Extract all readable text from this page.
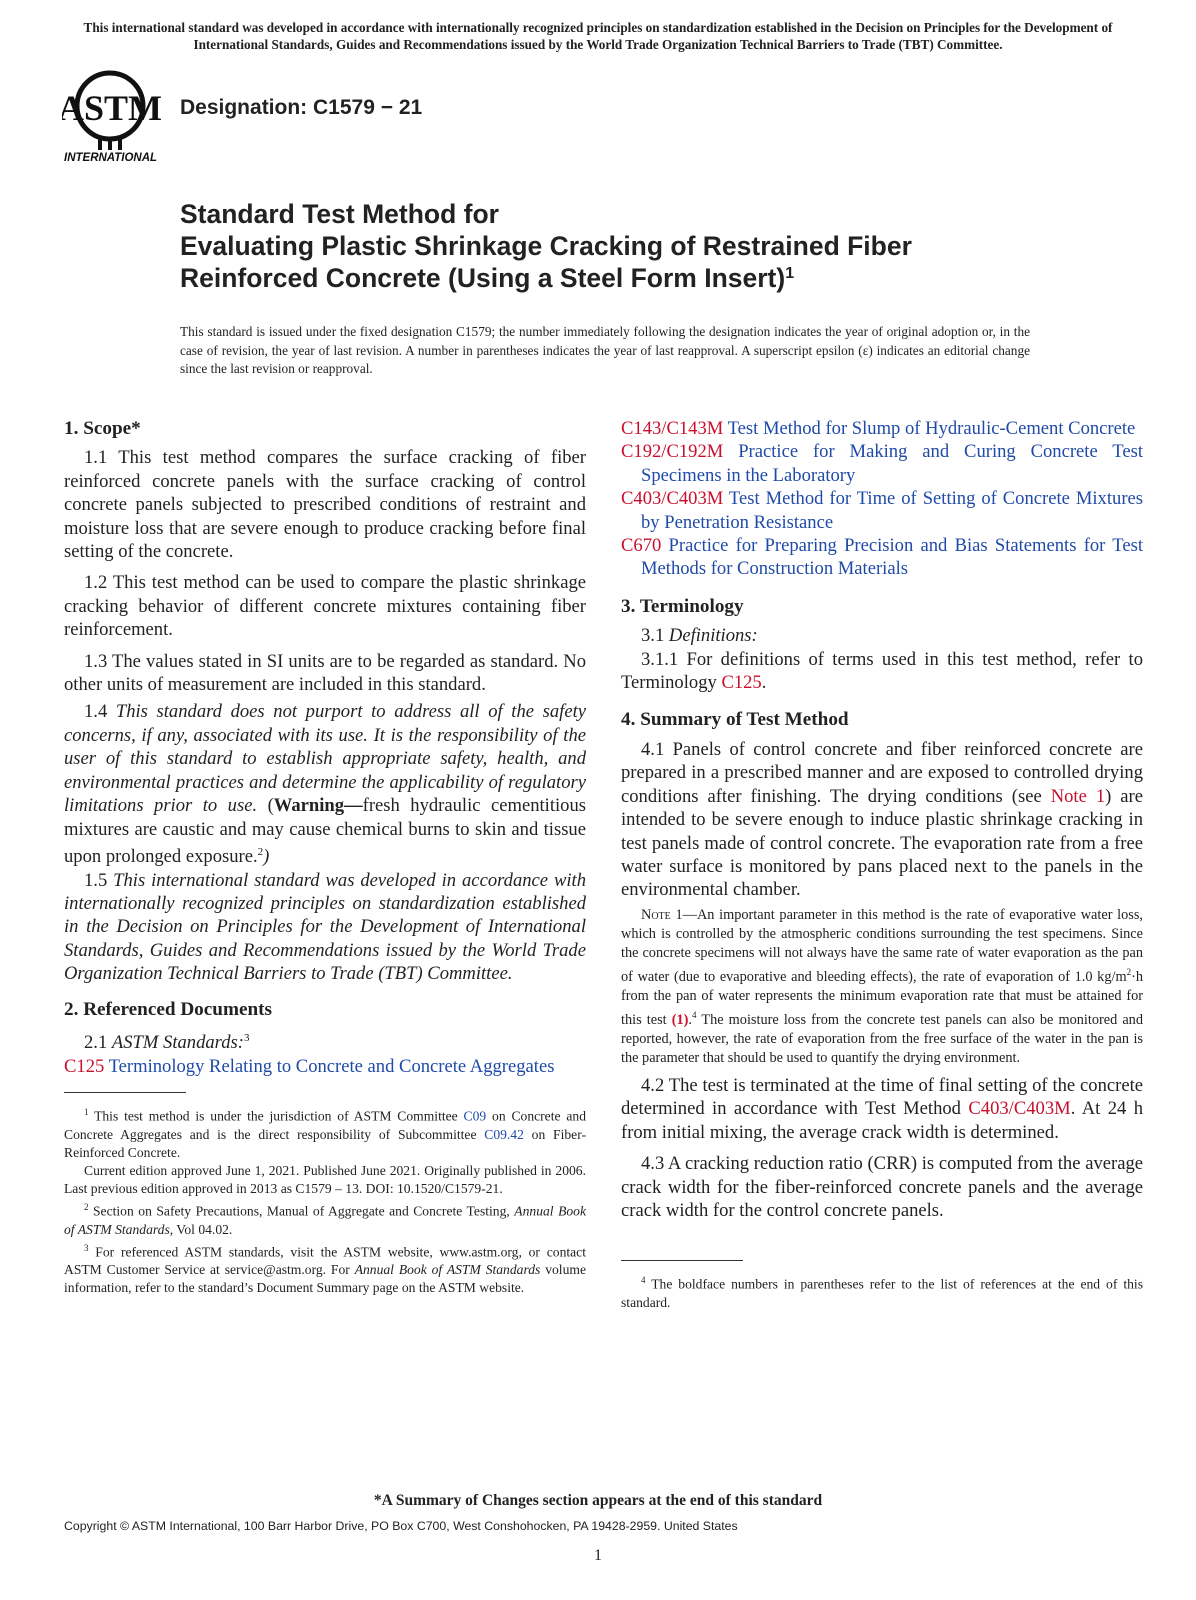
This international standard was developed in accordance with internationally recognized principles on standardization established in the Decision on Principles for the Development of International Standards, Guides and Recommendations issued by the World Trade Organization Technical Barriers to Trade (TBT) Committee.
ASTM
INTERNATIONAL
Designation: C1579 − 21
Standard Test Method for
Evaluating Plastic Shrinkage Cracking of Restrained Fiber
Reinforced Concrete (Using a Steel Form Insert)$^1$
This standard is issued under the fixed designation C1579; the number immediately following the designation indicates the year of original adoption or, in the case of revision, the year of last revision. A number in parentheses indicates the year of last reapproval. A superscript epsilon (ε) indicates an editorial change since the last revision or reapproval.

1. Scope*

1.1 This test method compares the surface cracking of fiber reinforced concrete panels with the surface cracking of control concrete panels subjected to prescribed conditions of restraint and moisture loss that are severe enough to produce cracking before final setting of the concrete.

1.2 This test method can be used to compare the plastic shrinkage cracking behavior of different concrete mixtures containing fiber reinforcement.

1.3 The values stated in SI units are to be regarded as standard. No other units of measurement are included in this standard.

1.4 This standard does not purport to address all of the safety concerns, if any, associated with its use. It is the responsibility of the user of this standard to establish appropriate safety, health, and environmental practices and determine the applicability of regulatory limitations prior to use. (Warning—fresh hydraulic cementitious mixtures are caustic and may cause chemical burns to skin and tissue upon prolonged exposure.$^2$)

1.5 This international standard was developed in accordance with internationally recognized principles on standardization established in the Decision on Principles for the Development of International Standards, Guides and Recommendations issued by the World Trade Organization Technical Barriers to Trade (TBT) Committee.

2. Referenced Documents

2.1 ASTM Standards:$^3$

C125 Terminology Relating to Concrete and Concrete Aggregates

$^1$ This test method is under the jurisdiction of ASTM Committee C09 on Concrete and Concrete Aggregates and is the direct responsibility of Subcommittee C09.42 on Fiber-Reinforced Concrete.

Current edition approved June 1, 2021. Published June 2021. Originally published in 2006. Last previous edition approved in 2013 as C1579 – 13. DOI: 10.1520/C1579-21.

$^2$ Section on Safety Precautions, Manual of Aggregate and Concrete Testing, Annual Book of ASTM Standards, Vol 04.02.

$^3$ For referenced ASTM standards, visit the ASTM website, www.astm.org, or contact ASTM Customer Service at service@astm.org. For Annual Book of ASTM Standards volume information, refer to the standard’s Document Summary page on the ASTM website.

C143/C143M Test Method for Slump of Hydraulic-Cement Concrete

C192/C192M Practice for Making and Curing Concrete Test Specimens in the Laboratory

C403/C403M Test Method for Time of Setting of Concrete Mixtures by Penetration Resistance

C670 Practice for Preparing Precision and Bias Statements for Test Methods for Construction Materials

3. Terminology

3.1 Definitions:

3.1.1 For definitions of terms used in this test method, refer to Terminology C125.

4. Summary of Test Method

4.1 Panels of control concrete and fiber reinforced concrete are prepared in a prescribed manner and are exposed to controlled drying conditions after finishing. The drying conditions (see Note 1) are intended to be severe enough to induce plastic shrinkage cracking in test panels made of control concrete. The evaporation rate from a free water surface is monitored by pans placed next to the panels in the environmental chamber.

Note 1—An important parameter in this method is the rate of evaporative water loss, which is controlled by the atmospheric conditions surrounding the test specimens. Since the concrete specimens will not always have the same rate of water evaporation as the pan of water (due to evaporative and bleeding effects), the rate of evaporation of 1.0 $kg/m^2\cdot h$ from the pan of water represents the minimum evaporation rate that must be attained for this test (1).$^4$ The moisture loss from the concrete test panels can also be monitored and reported, however, the rate of evaporation from the free surface of the water in the pan is the parameter that should be used to quantify the drying environment.

4.2 The test is terminated at the time of final setting of the concrete determined in accordance with Test Method C403/C403M. At 24 h from initial mixing, the average crack width is determined.

4.3 A cracking reduction ratio (CRR) is computed from the average crack width for the fiber-reinforced concrete panels and the average crack width for the control concrete panels.

$^4$ The boldface numbers in parentheses refer to the list of references at the end of this standard.

*A Summary of Changes section appears at the end of this standard
Copyright © ASTM International, 100 Barr Harbor Drive, PO Box C700, West Conshohocken, PA 19428-2959. United States
1
